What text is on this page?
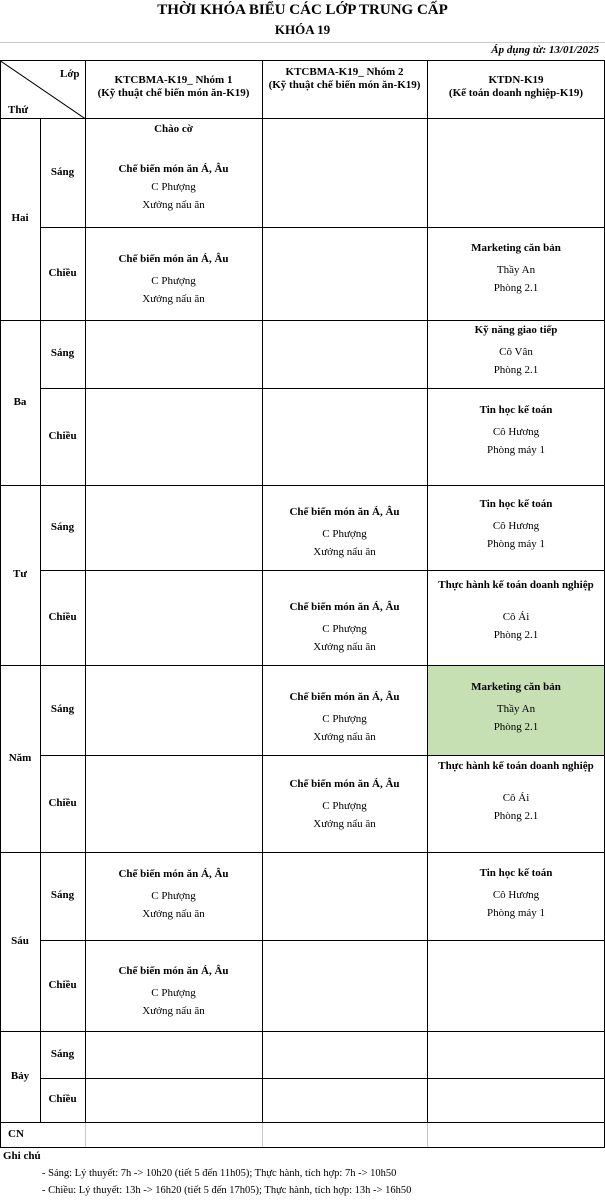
THỜI KHÓA BIỂU CÁC LỚP TRUNG CẤP
KHÓA 19
Áp dụng từ: 13/01/2025
Lớp
Thứ
KTCBMA-K19_ Nhóm 1
(Kỹ thuật chế biến món ăn-K19)
KTCBMA-K19_ Nhóm 2
(Kỹ thuật chế biến món ăn-K19)	KTDN-K19
(Kế toán doanh nghiệp-K19)
Hai
Sáng
Chào cờ
Chế biến món ăn Á, Âu
C Phượng
Xưởng nấu ăn
Chiều
Chế biến món ăn Á, Âu
C Phượng
Xưởng nấu ăn
Marketing căn bản
Thầy An
Phòng 2.1
Ba
Sáng
Kỹ năng giao tiếp
Cô Vân
Phòng 2.1
Chiều
Tin học kế toán
Cô Hương
Phòng máy 1
Tư
Sáng
Chế biến món ăn Á, Âu
C Phượng
Xưởng nấu ăn
Tin học kế toán
Cô Hương
Phòng máy 1
Chiều
Chế biến món ăn Á, Âu
C Phượng
Xưởng nấu ăn
Thực hành kế toán doanh nghiệp
Cô Ái
Phòng 2.1
Năm
Sáng
Chế biến món ăn Á, Âu
C Phượng
Xưởng nấu ăn
Marketing căn bản
Thầy An
Phòng 2.1
Chiều
Chế biến món ăn Á, Âu
C Phượng
Xưởng nấu ăn
Thực hành kế toán doanh nghiệp
Cô Ái
Phòng 2.1
Sáu
Sáng
Chế biến món ăn Á, Âu
C Phượng
Xưởng nấu ăn
Tin học kế toán
Cô Hương
Phòng máy 1
Chiều
Chế biến món ăn Á, Âu
C Phượng
Xưởng nấu ăn
Bảy
Sáng
Chiều
CN
Ghi chú
- Sáng: Lý thuyết: 7h -> 10h20 (tiết 5 đến 11h05); Thực hành, tích hợp: 7h -> 10h50
- Chiều: Lý thuyết: 13h -> 16h20 (tiết 5 đến 17h05); Thực hành, tích hợp: 13h -> 16h50
